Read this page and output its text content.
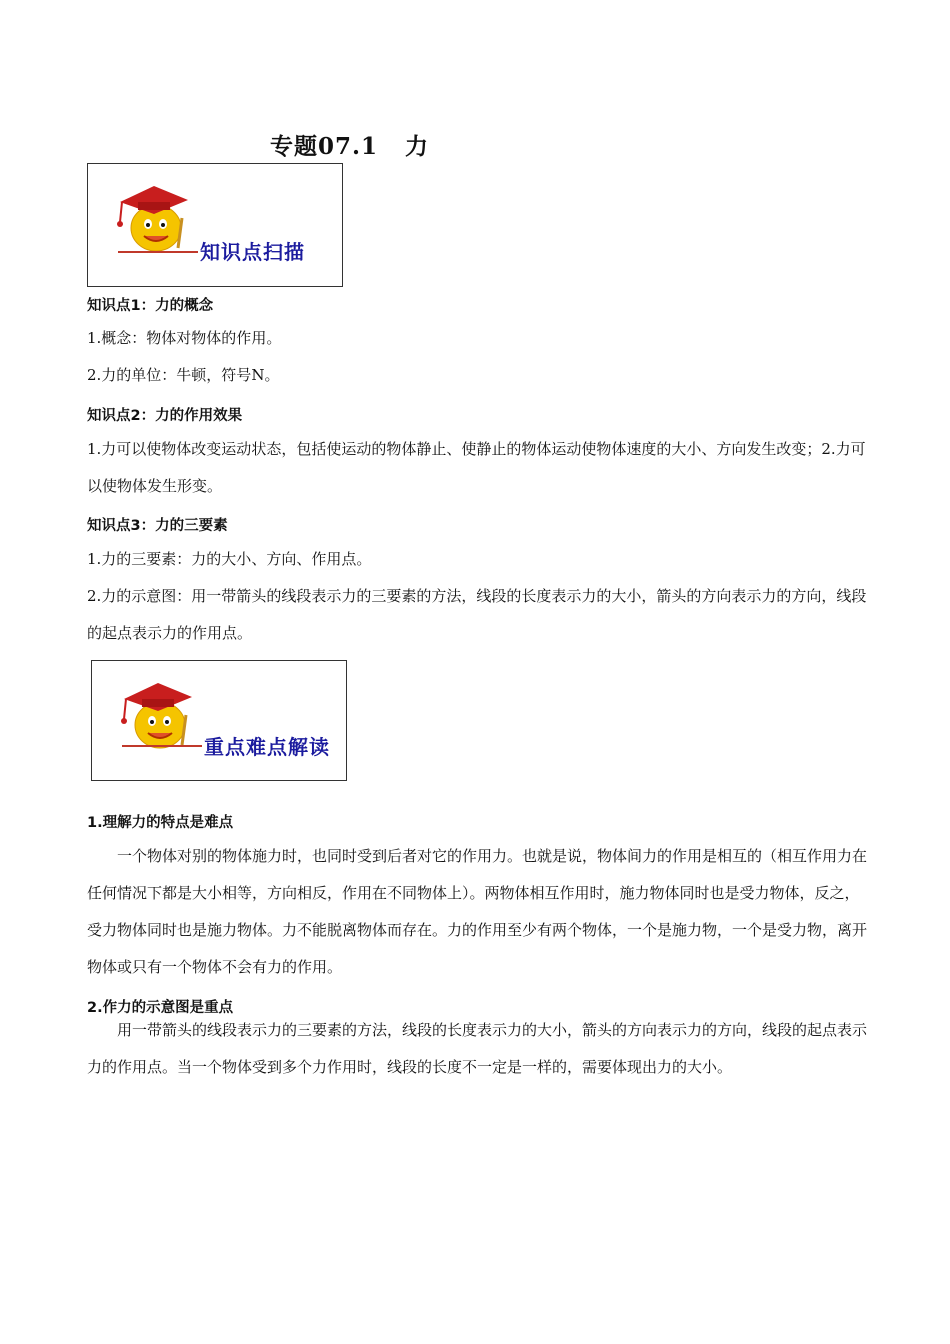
专题07.1   力
知识点扫描
知识点1：力的概念
1.概念：物体对物体的作用。
2.力的单位：牛顿，符号N。
知识点2：力的作用效果
1.力可以使物体改变运动状态，包括使运动的物体静止、使静止的物体运动使物体速度的大小、方向发生改变；2.力可以使物体发生形变。
知识点3：力的三要素
1.力的三要素：力的大小、方向、作用点。
2.力的示意图：用一带箭头的线段表示力的三要素的方法，线段的长度表示力的大小，箭头的方向表示力的方向，线段的起点表示力的作用点。
重点难点解读
1.理解力的特点是难点
一个物体对别的物体施力时，也同时受到后者对它的作用力。也就是说，物体间力的作用是相互的（相互作用力在任何情况下都是大小相等，方向相反，作用在不同物体上）。两物体相互作用时，施力物体同时也是受力物体，反之，受力物体同时也是施力物体。力不能脱离物体而存在。力的作用至少有两个物体，一个是施力物，一个是受力物，离开物体或只有一个物体不会有力的作用。
2.作力的示意图是重点
用一带箭头的线段表示力的三要素的方法，线段的长度表示力的大小，箭头的方向表示力的方向，线段的起点表示力的作用点。当一个物体受到多个力作用时，线段的长度不一定是一样的，需要体现出力的大小。
